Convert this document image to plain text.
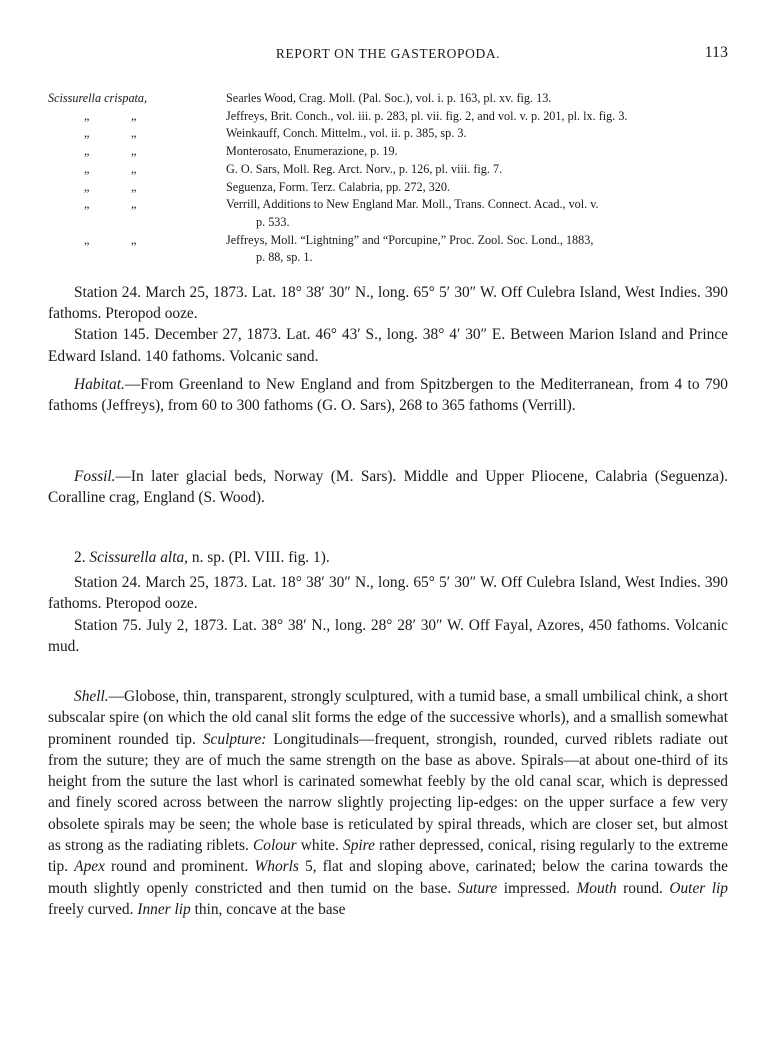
REPORT ON THE GASTEROPODA.	113
Scissurella crispata,	Searles Wood, Crag. Moll. (Pal. Soc.), vol. i. p. 163, pl. xv. fig. 13.
„	„	Jeffreys, Brit. Conch., vol. iii. p. 283, pl. vii. fig. 2, and vol. v. p. 201, pl. lx. fig. 3.
„	„	Weinkauff, Conch. Mittelm., vol. ii. p. 385, sp. 3.
„	„	Monterosato, Enumerazione, p. 19.
„	„	G. O. Sars, Moll. Reg. Arct. Norv., p. 126, pl. viii. fig. 7.
„	„	Seguenza, Form. Terz. Calabria, pp. 272, 320.
„	„	Verrill, Additions to New England Mar. Moll., Trans. Connect. Acad., vol. v.
p. 533.
„	„	Jeffreys, Moll. “Lightning” and “Porcupine,” Proc. Zool. Soc. Lond., 1883,
p. 88, sp. 1.

Station 24. March 25, 1873. Lat. 18° 38′ 30″ N., long. 65° 5′ 30″ W. Off Culebra Island, West Indies. 390 fathoms. Pteropod ooze.

Station 145. December 27, 1873. Lat. 46° 43′ S., long. 38° 4′ 30″ E. Between Marion Island and Prince Edward Island. 140 fathoms. Volcanic sand.

Habitat.—From Greenland to New England and from Spitzbergen to the Mediterranean, from 4 to 790 fathoms (Jeffreys), from 60 to 300 fathoms (G. O. Sars), 268 to 365 fathoms (Verrill).

Fossil.—In later glacial beds, Norway (M. Sars). Middle and Upper Pliocene, Calabria (Seguenza). Coralline crag, England (S. Wood).

2. Scissurella alta, n. sp. (Pl. VIII. fig. 1).

Station 24. March 25, 1873. Lat. 18° 38′ 30″ N., long. 65° 5′ 30″ W. Off Culebra Island, West Indies. 390 fathoms. Pteropod ooze.

Station 75. July 2, 1873. Lat. 38° 38′ N., long. 28° 28′ 30″ W. Off Fayal, Azores, 450 fathoms. Volcanic mud.

Shell.—Globose, thin, transparent, strongly sculptured, with a tumid base, a small umbilical chink, a short subscalar spire (on which the old canal slit forms the edge of the successive whorls), and a smallish somewhat prominent rounded tip. Sculpture: Longitudinals—frequent, strongish, rounded, curved riblets radiate out from the suture; they are of much the same strength on the base as above. Spirals—at about one-third of its height from the suture the last whorl is carinated somewhat feebly by the old canal scar, which is depressed and finely scored across between the narrow slightly projecting lip-edges: on the upper surface a few very obsolete spirals may be seen; the whole base is reticulated by spiral threads, which are closer set, but almost as strong as the radiating riblets. Colour white. Spire rather depressed, conical, rising regularly to the extreme tip. Apex round and prominent. Whorls 5, flat and sloping above, carinated; below the carina towards the mouth slightly openly constricted and then tumid on the base. Suture impressed. Mouth round. Outer lip freely curved. Inner lip thin, concave at the base
